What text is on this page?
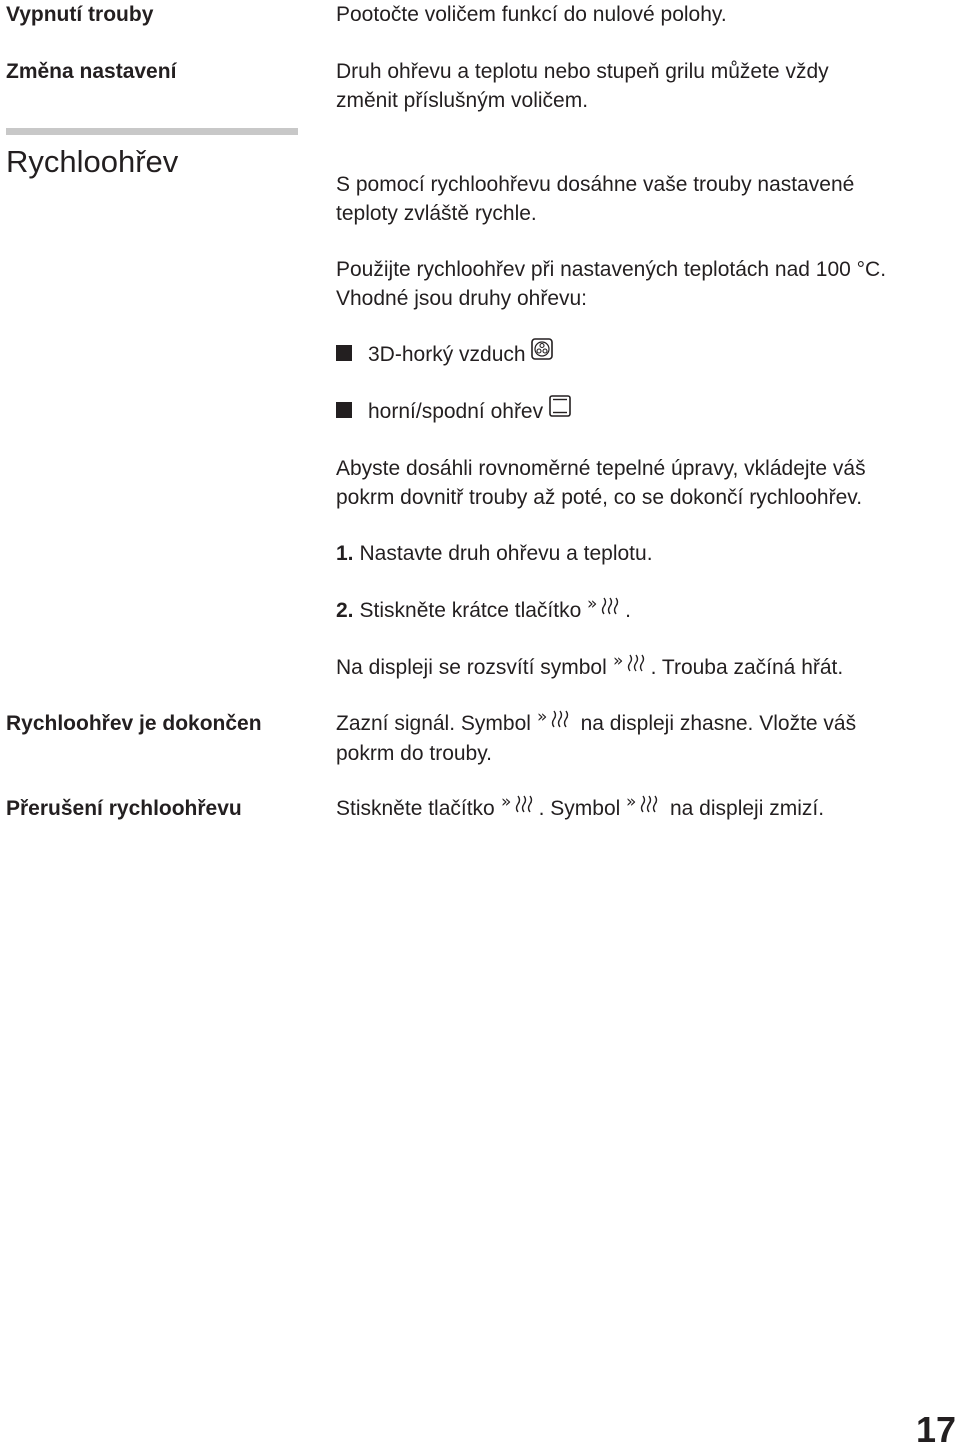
Vypnutí trouby
Změna nastavení
Rychloohřev
Rychloohřev je dokončen
Přerušení rychloohřevu
Pootočte voličem funkcí do nulové polohy.
Druh ohřevu a teplotu nebo stupeň grilu můžete vždy
změnit příslušným voličem.
S pomocí rychloohřevu dosáhne vaše trouby nastavené
teploty zvláště rychle.
Použijte rychloohřev při nastavených teplotách nad 100 °C.
Vhodné jsou druhy ohřevu:
3D-horký vzduch
horní/spodní ohřev
Abyste dosáhli rovnoměrné tepelné úpravy, vkládejte váš
pokrm dovnitř trouby až poté, co se dokončí rychloohřev.
1. Nastavte druh ohřevu a teplotu.
2. Stiskněte krátce tlačítko » .
Na displeji se rozsvítí symbol » . Trouba začíná hřát.
Zazní signál. Symbol » na displeji zhasne. Vložte váš
pokrm do trouby.
Stiskněte tlačítko » . Symbol » na displeji zmizí.
17
